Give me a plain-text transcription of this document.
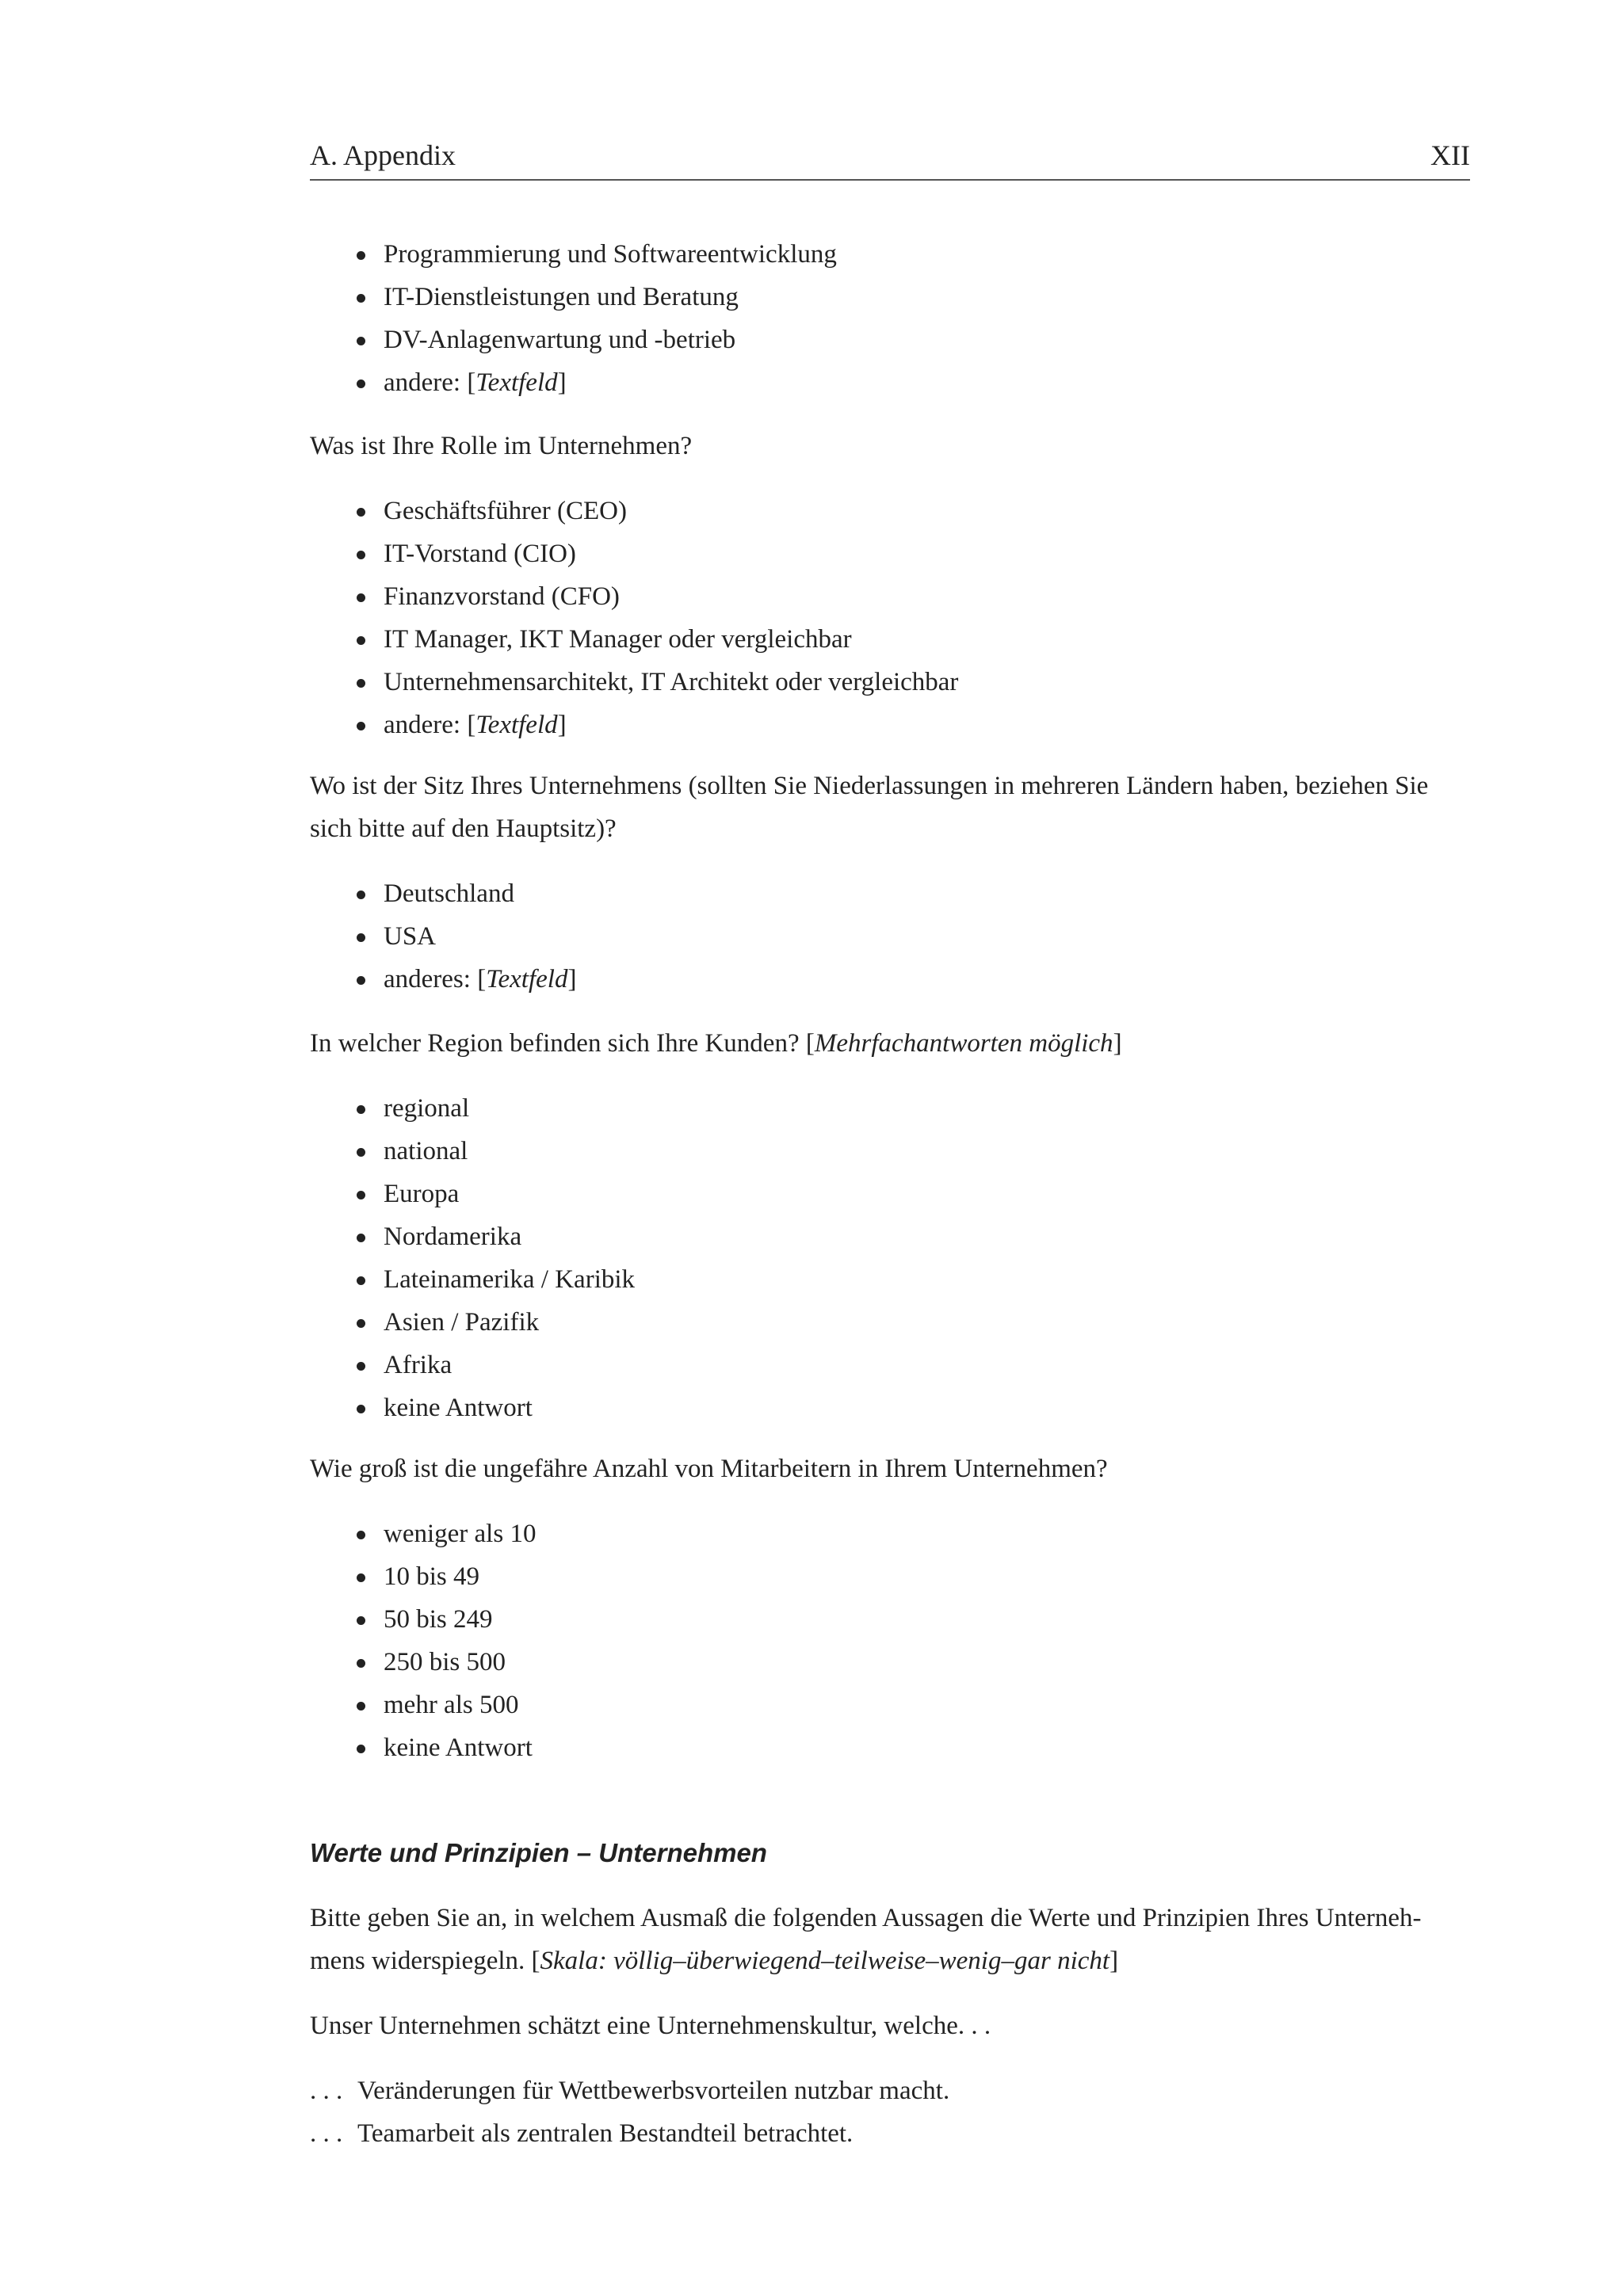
A. Appendix	XII
Programmierung und Softwareentwicklung
IT-Dienstleistungen und Beratung
DV-Anlagenwartung und -betrieb
andere: [Textfeld]

Was ist Ihre Rolle im Unternehmen?

Geschäftsführer (CEO)
IT-Vorstand (CIO)
Finanzvorstand (CFO)
IT Manager, IKT Manager oder vergleichbar
Unternehmensarchitekt, IT Architekt oder vergleichbar
andere: [Textfeld]

Wo ist der Sitz Ihres Unternehmens (sollten Sie Niederlassungen in mehreren Ländern haben, beziehen Sie

sich bitte auf den Hauptsitz)?

Deutschland
USA
anderes: [Textfeld]

In welcher Region befinden sich Ihre Kunden? [Mehrfachantworten möglich]

regional
national
Europa
Nordamerika
Lateinamerika / Karibik
Asien / Pazifik
Afrika
keine Antwort

Wie groß ist die ungefähre Anzahl von Mitarbeitern in Ihrem Unternehmen?

weniger als 10
10 bis 49
50 bis 249
250 bis 500
mehr als 500
keine Antwort
Werte und Prinzipien – Unternehmen

Bitte geben Sie an, in welchem Ausmaß die folgenden Aussagen die Werte und Prinzipien Ihres Unterneh-

mens widerspiegeln. [Skala: völlig–überwiegend–teilweise–wenig–gar nicht]

Unser Unternehmen schätzt eine Unternehmenskultur, welche. . .

. . . Veränderungen für Wettbewerbsvorteilen nutzbar macht.
. . . Teamarbeit als zentralen Bestandteil betrachtet.
